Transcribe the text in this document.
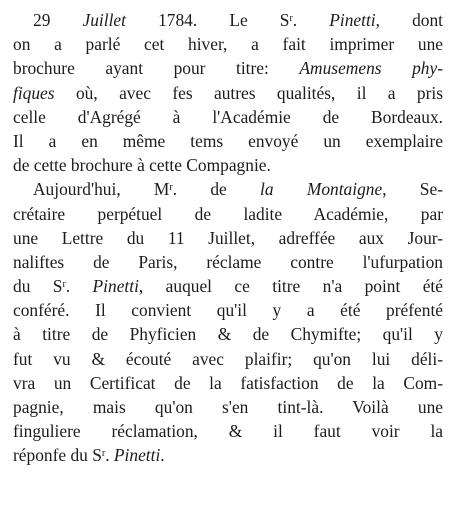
29 Juillet 1784. Le $S^r$. Pinetti, dont
on a parlé cet hiver, a fait imprimer une
brochure ayant pour titre: Amusemens phy-
fiques où, avec fes autres qualités, il a pris
celle d'Agrégé à l'Académie de Bordeaux.
Il a en même tems envoyé un exemplaire
de cette brochure à cette Compagnie.
Aujourd'hui, $M^r$. de la Montaigne, Se-
crétaire perpétuel de ladite Académie, par
une Lettre du 11 Juillet, adreffée aux Jour-
naliftes de Paris, réclame contre l'ufurpation
du $S^r$. Pinetti, auquel ce titre n'a point été
conféré. Il convient qu'il y a été préfenté
à titre de Phyficien & de Chymifte; qu'il y
fut vu & écouté avec plaifir; qu'on lui déli-
vra un Certificat de la fatisfaction de la Com-
pagnie, mais qu'on s'en tint-là. Voilà une
finguliere réclamation, & il faut voir la
réponfe du $S^r$. Pinetti.
